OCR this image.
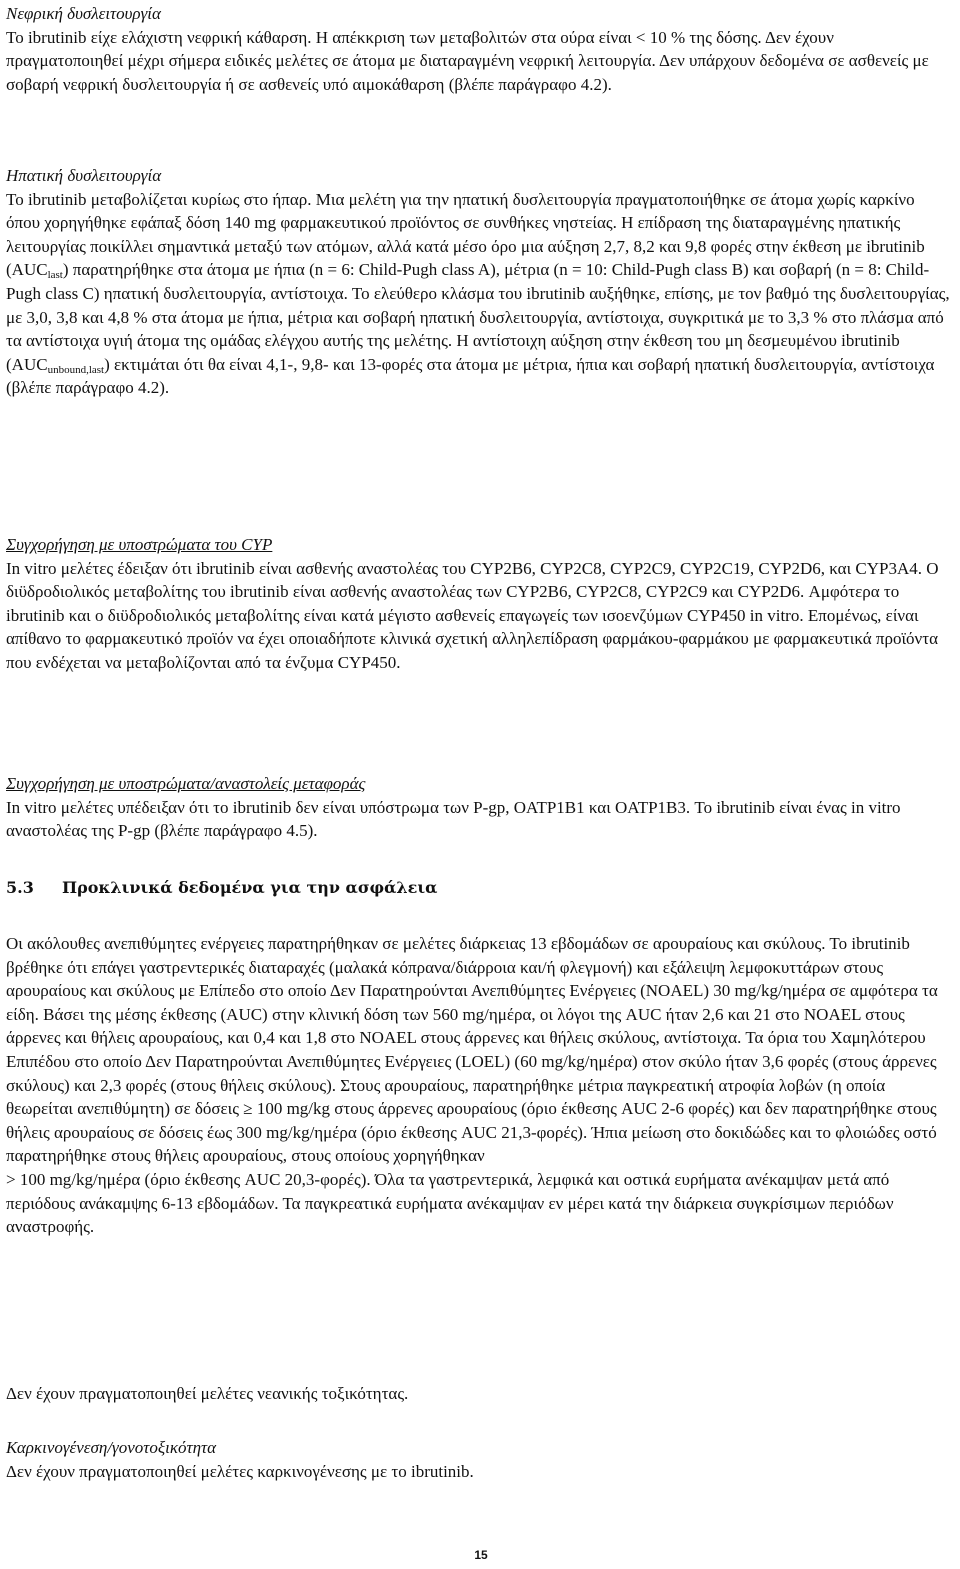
Νεφρική δυσλειτουργία

Το ibrutinib είχε ελάχιστη νεφρική κάθαρση. Η απέκκριση των μεταβολιτών στα ούρα είναι < 10 % της δόσης. Δεν έχουν πραγματοποιηθεί μέχρι σήμερα ειδικές μελέτες σε άτομα με διαταραγμένη νεφρική λειτουργία. Δεν υπάρχουν δεδομένα σε ασθενείς με σοβαρή νεφρική δυσλειτουργία ή σε ασθενείς υπό αιμοκάθαρση (βλέπε παράγραφο 4.2).

Ηπατική δυσλειτουργία

Το ibrutinib μεταβολίζεται κυρίως στο ήπαρ. Μια μελέτη για την ηπατική δυσλειτουργία πραγματοποιήθηκε σε άτομα χωρίς καρκίνο όπου χορηγήθηκε εφάπαξ δόση 140 mg φαρμακευτικού προϊόντος σε συνθήκες νηστείας. Η επίδραση της διαταραγμένης ηπατικής λειτουργίας ποικίλλει σημαντικά μεταξύ των ατόμων, αλλά κατά μέσο όρο μια αύξηση 2,7, 8,2 και 9,8 φορές στην έκθεση με ibrutinib $(AUC_{last})$ παρατηρήθηκε στα άτομα με ήπια (n = 6: Child-Pugh class A), μέτρια (n = 10: Child-Pugh class B) και σοβαρή (n = 8: Child-Pugh class C) ηπατική δυσλειτουργία, αντίστοιχα. Το ελεύθερο κλάσμα του ibrutinib αυξήθηκε, επίσης, με τον βαθμό της δυσλειτουργίας, με 3,0, 3,8 και 4,8 % στα άτομα με ήπια, μέτρια και σοβαρή ηπατική δυσλειτουργία, αντίστοιχα, συγκριτικά με το 3,3 % στο πλάσμα από τα αντίστοιχα υγιή άτομα της ομάδας ελέγχου αυτής της μελέτης. Η αντίστοιχη αύξηση στην έκθεση του μη δεσμευμένου ibrutinib $(AUC_{unbound,last})$ εκτιμάται ότι θα είναι 4,1-, 9,8- και 13-φορές στα άτομα με μέτρια, ήπια και σοβαρή ηπατική δυσλειτουργία, αντίστοιχα (βλέπε παράγραφο 4.2).

Συγχορήγηση με υποστρώματα του CYP

In vitro μελέτες έδειξαν ότι ibrutinib είναι ασθενής αναστολέας του CYP2B6, CYP2C8, CYP2C9, CYP2C19, CYP2D6, και CYP3A4. Ο διϋδροδιολικός μεταβολίτης του ibrutinib είναι ασθενής αναστολέας των CYP2B6, CYP2C8, CYP2C9 και CYP2D6. Αμφότερα το ibrutinib και ο διϋδροδιολικός μεταβολίτης είναι κατά μέγιστο ασθενείς επαγωγείς των ισοενζύμων CYP450 in vitro. Επομένως, είναι απίθανο το φαρμακευτικό προϊόν να έχει οποιαδήποτε κλινικά σχετική αλληλεπίδραση φαρμάκου-φαρμάκου με φαρμακευτικά προϊόντα που ενδέχεται να μεταβολίζονται από τα ένζυμα CYP450.

Συγχορήγηση με υποστρώματα/αναστολείς μεταφοράς

In vitro μελέτες υπέδειξαν ότι το ibrutinib δεν είναι υπόστρωμα των P-gp, OATP1B1 και OATP1B3. Το ibrutinib είναι ένας in vitro αναστολέας της P-gp (βλέπε παράγραφο 4.5).

5.3 Προκλινικά δεδομένα για την ασφάλεια

Οι ακόλουθες ανεπιθύμητες ενέργειες παρατηρήθηκαν σε μελέτες διάρκειας 13 εβδομάδων σε αρουραίους και σκύλους. Το ibrutinib βρέθηκε ότι επάγει γαστρεντερικές διαταραχές (μαλακά κόπρανα/διάρροια και/ή φλεγμονή) και εξάλειψη λεμφοκυττάρων στους αρουραίους και σκύλους με Επίπεδο στο οποίο Δεν Παρατηρούνται Ανεπιθύμητες Ενέργειες (NOAEL) 30 mg/kg/ημέρα σε αμφότερα τα είδη. Βάσει της μέσης έκθεσης (AUC) στην κλινική δόση των 560 mg/ημέρα, οι λόγοι της AUC ήταν 2,6 και 21 στο NOAEL στους άρρενες και θήλεις αρουραίους, και 0,4 και 1,8 στο NOAEL στους άρρενες και θήλεις σκύλους, αντίστοιχα. Τα όρια του Χαμηλότερου Επιπέδου στο οποίο Δεν Παρατηρούνται Ανεπιθύμητες Ενέργειες (LOEL) (60 mg/kg/ημέρα) στον σκύλο ήταν 3,6 φορές (στους άρρενες σκύλους) και 2,3 φορές (στους θήλεις σκύλους). Στους αρουραίους, παρατηρήθηκε μέτρια παγκρεατική ατροφία λοβών (η οποία θεωρείται ανεπιθύμητη) σε δόσεις ≥ 100 mg/kg στους άρρενες αρουραίους (όριο έκθεσης AUC 2-6 φορές) και δεν παρατηρήθηκε στους θήλεις αρουραίους σε δόσεις έως 300 mg/kg/ημέρα (όριο έκθεσης AUC 21,3-φορές). Ήπια μείωση στο δοκιδώδες και το φλοιώδες οστό παρατηρήθηκε στους θήλεις αρουραίους, στους οποίους χορηγήθηκαν

> 100 mg/kg/ημέρα (όριο έκθεσης AUC 20,3-φορές). Όλα τα γαστρεντερικά, λεμφικά και οστικά ευρήματα ανέκαμψαν μετά από περιόδους ανάκαμψης 6-13 εβδομάδων. Τα παγκρεατικά ευρήματα ανέκαμψαν εν μέρει κατά την διάρκεια συγκρίσιμων περιόδων αναστροφής.

Δεν έχουν πραγματοποιηθεί μελέτες νεανικής τοξικότητας.
Καρκινογένεση/γονοτοξικότητα

Δεν έχουν πραγματοποιηθεί μελέτες καρκινογένεσης με το ibrutinib.

15
